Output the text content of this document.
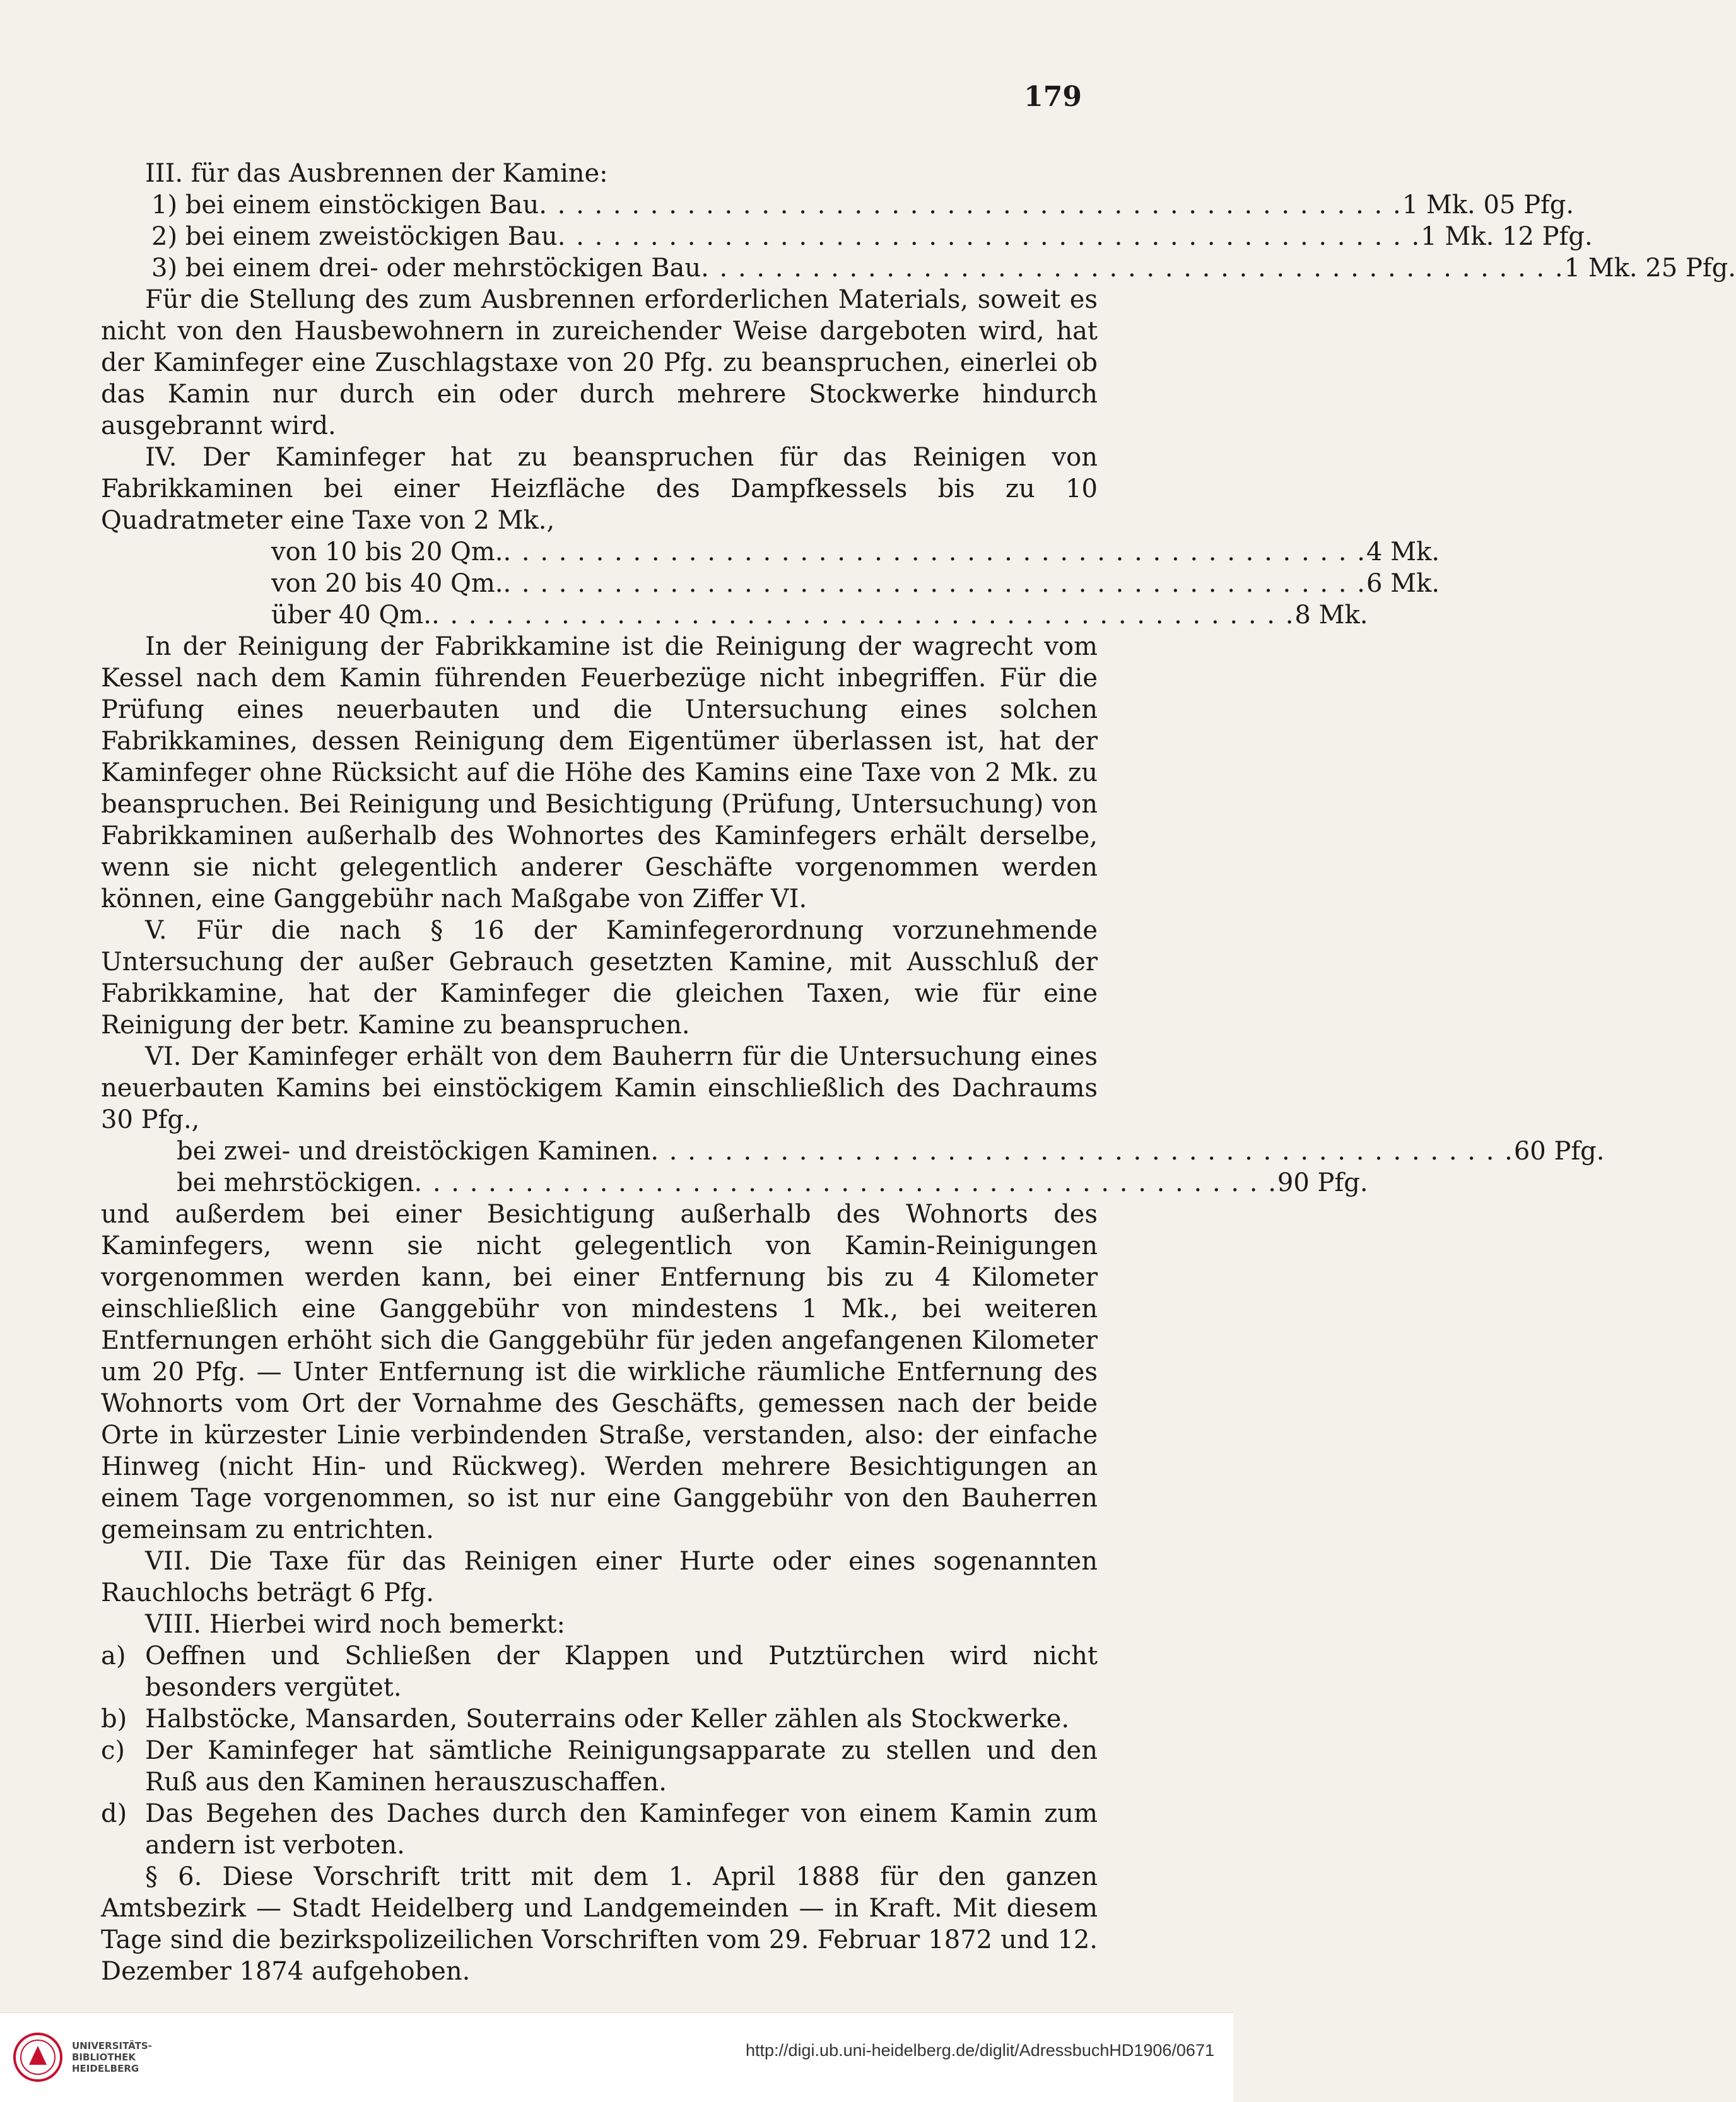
179

III. für das Ausbrennen der Kamine:

1) bei einem einstöckigen Bau . . . . . . . . . . . . . . . . . . . . . . . . . . . . . . . . . . . . . . . . . . . . . . . 1 Mk. 05 Pfg.
2) bei einem zweistöckigen Bau . . . . . . . . . . . . . . . . . . . . . . . . . . . . . . . . . . . . . . . . . . . . . . . 1 Mk. 12 Pfg.
3) bei einem drei- oder mehrstöckigen Bau . . . . . . . . . . . . . . . . . . . . . . . . . . . . . . . . . . . . . . . . . . . . . . . 1 Mk. 25 Pfg.

Für die Stellung des zum Ausbrennen erforderlichen Materials, soweit es nicht von den Hausbewohnern in zureichender Weise dargeboten wird, hat der Kaminfeger eine Zuschlagstaxe von 20 Pfg. zu beanspruchen, einerlei ob das Kamin nur durch ein oder durch mehrere Stockwerke hindurch ausgebrannt wird.

IV. Der Kaminfeger hat zu beanspruchen für das Reinigen von Fabrikkaminen bei einer Heizfläche des Dampfkessels bis zu 10 Quadratmeter eine Taxe von 2 Mk.,

von 10 bis 20 Qm. . . . . . . . . . . . . . . . . . . . . . . . . . . . . . . . . . . . . . . . . . . . . . . . 4 Mk.
von 20 bis 40 Qm. . . . . . . . . . . . . . . . . . . . . . . . . . . . . . . . . . . . . . . . . . . . . . . . 6 Mk.
über 40 Qm. . . . . . . . . . . . . . . . . . . . . . . . . . . . . . . . . . . . . . . . . . . . . . . . 8 Mk.

In der Reinigung der Fabrikkamine ist die Reinigung der wagrecht vom Kessel nach dem Kamin führenden Feuerbezüge nicht inbegriffen. Für die Prüfung eines neuerbauten und die Untersuchung eines solchen Fabrikkamines, dessen Reinigung dem Eigentümer überlassen ist, hat der Kaminfeger ohne Rücksicht auf die Höhe des Kamins eine Taxe von 2 Mk. zu beanspruchen. Bei Reinigung und Besichtigung (Prüfung, Untersuchung) von Fabrikkaminen außerhalb des Wohnortes des Kaminfegers erhält derselbe, wenn sie nicht gelegentlich anderer Geschäfte vorgenommen werden können, eine Ganggebühr nach Maßgabe von Ziffer VI.

V. Für die nach § 16 der Kaminfegerordnung vorzunehmende Untersuchung der außer Gebrauch gesetzten Kamine, mit Ausschluß der Fabrikkamine, hat der Kaminfeger die gleichen Taxen, wie für eine Reinigung der betr. Kamine zu beanspruchen.

VI. Der Kaminfeger erhält von dem Bauherrn für die Untersuchung eines neuerbauten Kamins bei einstöckigem Kamin einschließlich des Dachraums 30 Pfg.,

bei zwei- und dreistöckigen Kaminen . . . . . . . . . . . . . . . . . . . . . . . . . . . . . . . . . . . . . . . . . . . . . . . 60 Pfg.
bei mehrstöckigen . . . . . . . . . . . . . . . . . . . . . . . . . . . . . . . . . . . . . . . . . . . . . . . 90 Pfg.

und außerdem bei einer Besichtigung außerhalb des Wohnorts des Kaminfegers, wenn sie nicht gelegentlich von Kamin-Reinigungen vorgenommen werden kann, bei einer Entfernung bis zu 4 Kilometer einschließlich eine Ganggebühr von mindestens 1 Mk., bei weiteren Entfernungen erhöht sich die Ganggebühr für jeden angefangenen Kilometer um 20 Pfg. — Unter Entfernung ist die wirkliche räumliche Entfernung des Wohnorts vom Ort der Vornahme des Geschäfts, gemessen nach der beide Orte in kürzester Linie verbindenden Straße, verstanden, also: der einfache Hinweg (nicht Hin- und Rückweg). Werden mehrere Besichtigungen an einem Tage vorgenommen, so ist nur eine Ganggebühr von den Bauherren gemeinsam zu entrichten.

VII. Die Taxe für das Reinigen einer Hurte oder eines sogenannten Rauchlochs beträgt 6 Pfg.

VIII. Hierbei wird noch bemerkt:

a) Oeffnen und Schließen der Klappen und Putztürchen wird nicht besonders vergütet.
b) Halbstöcke, Mansarden, Souterrains oder Keller zählen als Stockwerke.
c) Der Kaminfeger hat sämtliche Reinigungsapparate zu stellen und den Ruß aus den Kaminen herauszuschaffen.
d) Das Begehen des Daches durch den Kaminfeger von einem Kamin zum andern ist verboten.

§ 6. Diese Vorschrift tritt mit dem 1. April 1888 für den ganzen Amtsbezirk — Stadt Heidelberg und Landgemeinden — in Kraft. Mit diesem Tage sind die bezirkspolizeilichen Vorschriften vom 29. Februar 1872 und 12. Dezember 1874 aufgehoben.

UNIVERSITÄTS-
BIBLIOTHEK
HEIDELBERG
http://digi.ub.uni-heidelberg.de/diglit/AdressbuchHD1906/0671
